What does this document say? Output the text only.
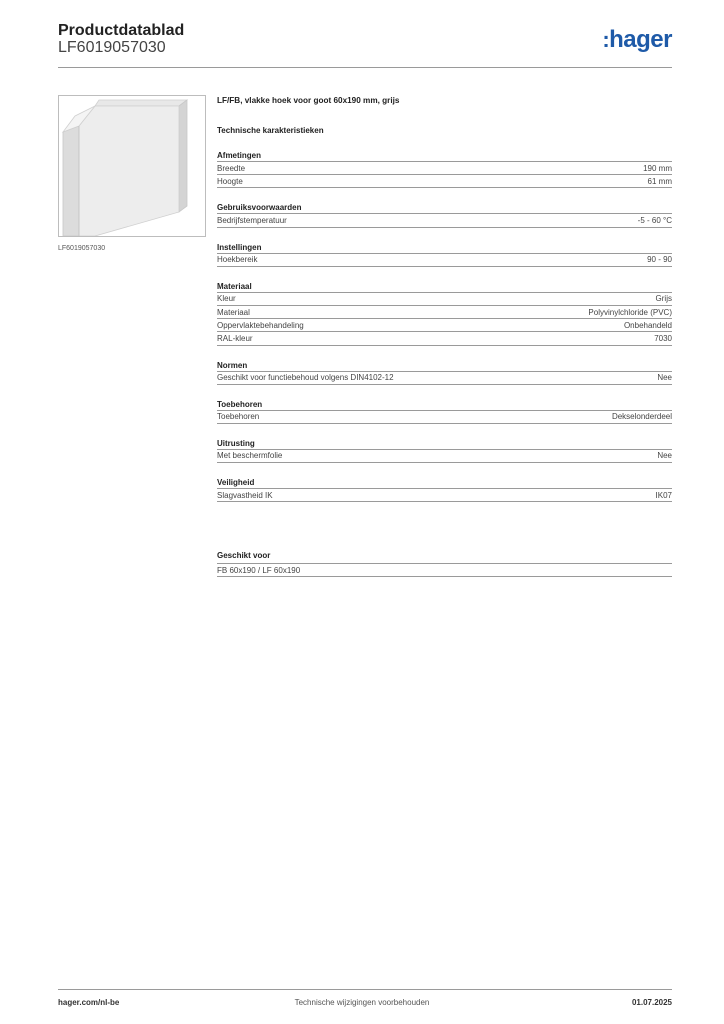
Productdatablad
LF6019057030	:hager
LF6019057030
LF/FB, vlakke hoek voor goot 60x190 mm, grijs
Technische karakteristieken
Afmetingen
Breedte	190 mm
Hoogte	61 mm
Gebruiksvoorwaarden
Bedrijfstemperatuur	-5 - 60 °C
Instellingen
Hoekbereik	90 - 90
Materiaal
Kleur	Grijs
Materiaal	Polyvinylchloride (PVC)
Oppervlaktebehandeling	Onbehandeld
RAL-kleur	7030
Normen
Geschikt voor functiebehoud volgens DIN4102-12	Nee
Toebehoren
Toebehoren	Dekselonderdeel
Uitrusting
Met beschermfolie	Nee
Veiligheid
Slagvastheid IK	IK07
Geschikt voor
FB 60x190 / LF 60x190
hager.com/nl-be	Technische wijzigingen voorbehouden	01.07.2025
